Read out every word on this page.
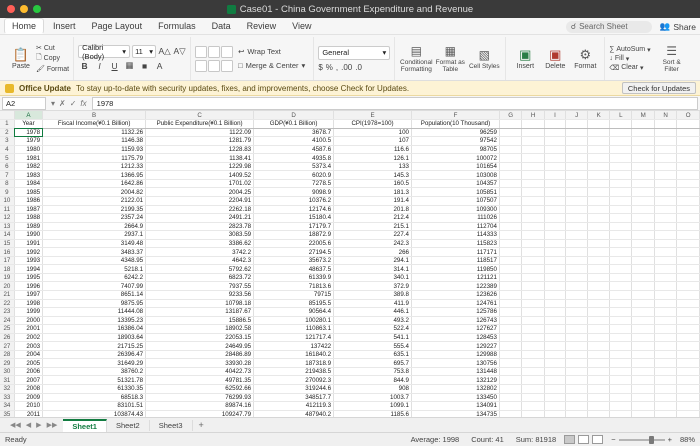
Case01 - China Government Expenditure and Revenue
Home	Insert	Page Layout	Formulas	Data	Review	View	☌ Search Sheet	👥 Share
📋
Paste
✂ Cut
🗋 Copy
🖌 Format
Calibri (Body)	▾ 11 ▾ A△ A▽
B	I	U ▦ ■	A
↩ Wrap Text
□ Merge & Center ▾
General	▾
$ % , .00 .0
▤
Conditional Formatting
▦
Format as Table
▧
Cell Styles
▣
Insert
▣
Delete
⚙
Format
∑ AutoSum ▾
↓ Fill ▾
⌫ Clear ▾
☰
Sort & Filter
Office Update To stay up-to-date with security updates, fixes, and improvements, choose Check for Updates.	Check for Updates
A2	▾ ✗ ✓ fx	1978
	A	B	C	D	E	F	G	H	I	J	K	L	M	N	O
1	Year	Fiscal Income(¥0.1 Billion)	Public Expenditure(¥0.1 Billion)	GDP(¥0.1 Billion)	CPI(1978=100)	Population(10 Thousand)									
2	1978	1132.26	1122.09	3678.7	100	96259									
3	1979	1146.38	1281.79	4100.5	107	97542									
4	1980	1159.93	1228.83	4587.6	116.6	98705									
5	1981	1175.79	1138.41	4935.8	126.1	100072									
6	1982	1212.33	1229.98	5373.4	133	101654									
7	1983	1366.95	1409.52	6020.9	145.3	103008									
8	1984	1642.86	1701.02	7278.5	160.5	104357									
9	1985	2004.82	2004.25	9098.9	181.3	105851									
10	1986	2122.01	2204.91	10376.2	191.4	107507									
11	1987	2199.35	2262.18	12174.6	201.8	109300									
12	1988	2357.24	2491.21	15180.4	212.4	111026									
13	1989	2664.9	2823.78	17179.7	215.1	112704									
14	1990	2937.1	3083.59	18872.9	227.4	114333									
15	1991	3149.48	3386.62	22005.6	242.3	115823									
16	1992	3483.37	3742.2	27194.5	266	117171									
17	1993	4348.95	4642.3	35673.2	294.1	118517									
18	1994	5218.1	5792.62	48637.5	314.1	119850									
19	1995	6242.2	6823.72	61339.9	340.1	121121									
20	1996	7407.99	7937.55	71813.6	372.9	122389									
21	1997	8651.14	9233.56	79715	389.8	123626									
22	1998	9875.95	10798.18	85195.5	411.9	124761									
23	1999	11444.08	13187.67	90564.4	446.1	125786									
24	2000	13395.23	15886.5	100280.1	493.2	126743									
25	2001	16386.04	18902.58	110863.1	522.4	127627									
26	2002	18903.64	22053.15	121717.4	541.1	128453									
27	2003	21715.25	24649.95	137422	555.4	129227									
28	2004	26396.47	28486.89	161840.2	635.1	129988									
29	2005	31649.29	33930.28	187318.9	695.7	130756									
30	2006	38760.2	40422.73	219438.5	753.8	131448									
31	2007	51321.78	49781.35	270092.3	844.9	132129									
32	2008	61330.35	62592.66	319244.6	908	132802									
33	2009	68518.3	76299.93	348517.7	1003.7	133450									
34	2010	83101.51	89874.16	412119.3	1099.1	134091									
35	2011	103874.43	109247.79	487940.2	1185.6	134735									

◀◀ ◀ ▶ ▶▶	Sheet1	Sheet2	Sheet3	+
Ready	Average: 1998 Count: 41 Sum: 81918	−	+ 88%
